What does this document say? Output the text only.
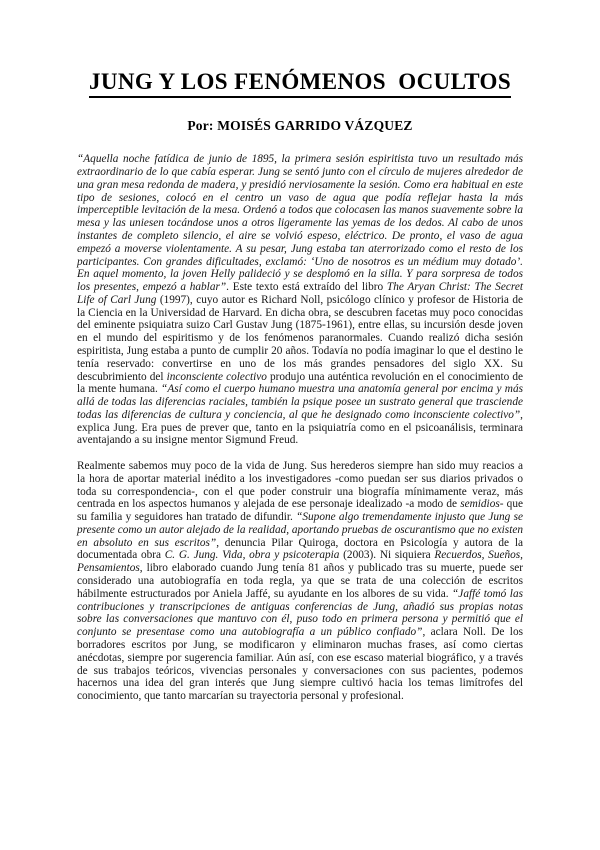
JUNG Y LOS FENÓMENOS  OCULTOS
Por: MOISÉS GARRIDO VÁZQUEZ

“Aquella noche fatídica de junio de 1895, la primera sesión espiritista tuvo un resultado más extraordinario de lo que cabía esperar. Jung se sentó junto con el círculo de mujeres alrededor de una gran mesa redonda de madera, y presidió nerviosamente la sesión. Como era habitual en este tipo de sesiones, colocó en el centro un vaso de agua que podía reflejar hasta la más imperceptible levitación de la mesa. Ordenó a todos que colocasen las manos suavemente sobre la mesa y las uniesen tocándose unos a otros ligeramente las yemas de los dedos. Al cabo de unos instantes de completo silencio, el aire se volvió espeso, eléctrico. De pronto, el vaso de agua empezó a moverse violentamente. A su pesar, Jung estaba tan aterrorizado como el resto de los participantes. Con grandes dificultades, exclamó: ‘Uno de nosotros es un médium muy dotado’. En aquel momento, la joven Helly palideció y se desplomó en la silla. Y para sorpresa de todos los presentes, empezó a hablar”. Este texto está extraído del libro The Aryan Christ: The Secret Life of Carl Jung (1997), cuyo autor es Richard Noll, psicólogo clínico y profesor de Historia de la Ciencia en la Universidad de Harvard. En dicha obra, se descubren facetas muy poco conocidas del eminente psiquiatra suizo Carl Gustav Jung (1875-1961), entre ellas, su incursión desde joven en el mundo del espiritismo y de los fenómenos paranormales. Cuando realizó dicha sesión espiritista, Jung estaba a punto de cumplir 20 años. Todavía no podía imaginar lo que el destino le tenía reservado: convertirse en uno de los más grandes pensadores del siglo XX. Su descubrimiento del inconsciente colectivo produjo una auténtica revolución en el conocimiento de la mente humana. “Así como el cuerpo humano muestra una anatomía general por encima y más allá de todas las diferencias raciales, también la psique posee un sustrato general que trasciende todas las diferencias de cultura y conciencia, al que he designado como inconsciente colectivo”, explica Jung. Era pues de prever que, tanto en la psiquiatría como en el psicoanálisis, terminara aventajando a su insigne mentor Sigmund Freud.

Realmente sabemos muy poco de la vida de Jung. Sus herederos siempre han sido muy reacios a la hora de aportar material inédito a los investigadores -como puedan ser sus diarios privados o toda su correspondencia-, con el que poder construir una biografía mínimamente veraz, más centrada en los aspectos humanos y alejada de ese personaje idealizado -a modo de semidios- que su familia y seguidores han tratado de difundir. “Supone algo tremendamente injusto que Jung se presente como un autor alejado de la realidad, aportando pruebas de oscurantismo que no existen en absoluto en sus escritos”, denuncia Pilar Quiroga, doctora en Psicología y autora de la documentada obra C. G. Jung. Vida, obra y psicoterapia (2003). Ni siquiera Recuerdos, Sueños, Pensamientos, libro elaborado cuando Jung tenía 81 años y publicado tras su muerte, puede ser considerado una autobiografía en toda regla, ya que se trata de una colección de escritos hábilmente estructurados por Aniela Jaffé, su ayudante en los albores de su vida. “Jaffé tomó las contribuciones y transcripciones de antiguas conferencias de Jung, añadió sus propias notas sobre las conversaciones que mantuvo con él, puso todo en primera persona y permitió que el conjunto se presentase como una autobiografía a un público confiado”, aclara Noll. De los borradores escritos por Jung, se modificaron y eliminaron muchas frases, así como ciertas anécdotas, siempre por sugerencia familiar. Aún así, con ese escaso material biográfico, y a través de sus trabajos teóricos, vivencias personales y conversaciones con sus pacientes, podemos hacernos una idea del gran interés que Jung siempre cultivó hacia los temas limítrofes del conocimiento, que tanto marcarían su trayectoria personal y profesional.
